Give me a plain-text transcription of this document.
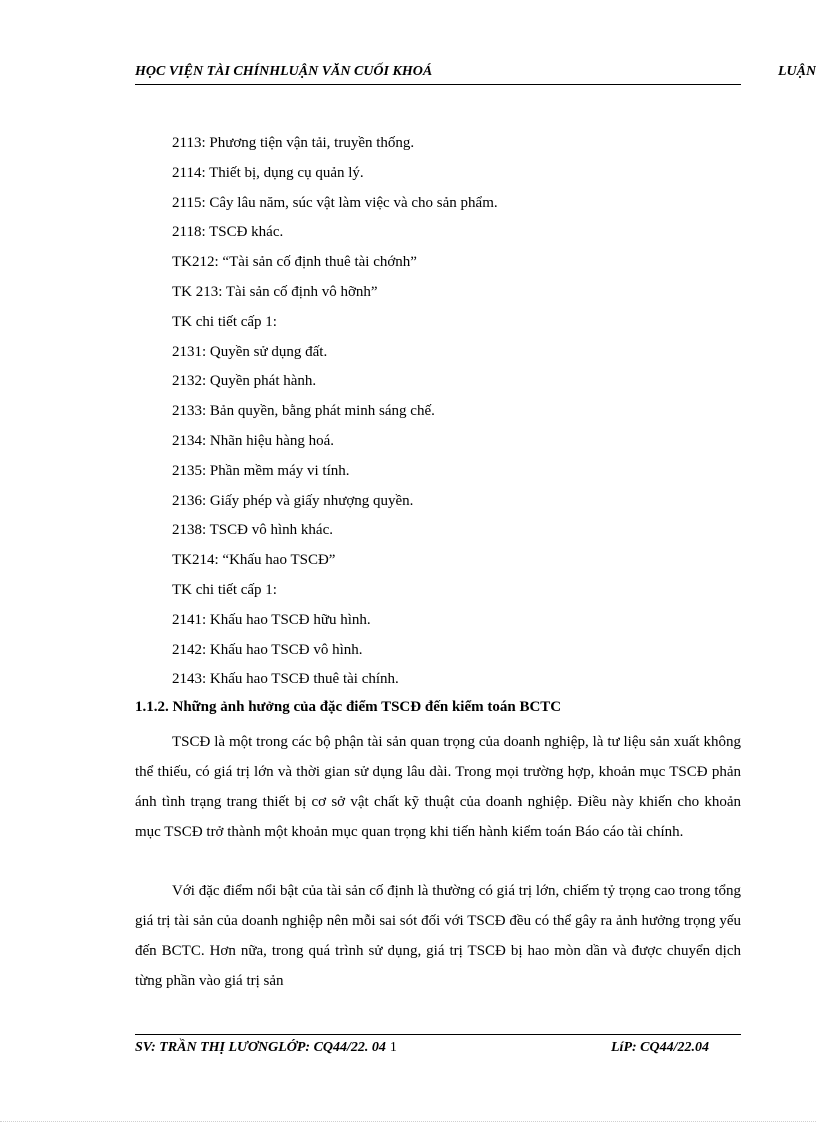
HỌC VIỆN TÀI CHÍNHLUẬN VĂN CUỐI KHOÁ	LUẬN
2113: Phương tiện vận tải, truyền thống.
2114: Thiết bị, dụng cụ quản lý.
2115: Cây lâu năm, súc vật làm việc và cho sản phẩm.
2118: TSCĐ khác.
TK212: “Tài sản cố định thuê tài chớnh”
TK 213: Tài sản cố định vô hỡnh”
TK chi tiết cấp 1:
2131: Quyền sử dụng đất.
2132: Quyền phát hành.
2133: Bản quyền, bằng phát minh sáng chế.
2134: Nhãn hiệu hàng hoá.
2135: Phần mềm máy vi tính.
2136: Giấy phép và giấy nhượng quyền.
2138: TSCĐ vô hình khác.
TK214: “Khấu hao TSCĐ”
TK chi tiết cấp 1:
2141: Khấu hao TSCĐ hữu hình.
2142: Khấu hao TSCĐ vô hình.
2143: Khấu hao TSCĐ thuê tài chính.
1.1.2. Những ảnh hưởng của đặc điểm TSCĐ đến kiểm toán BCTC

TSCĐ là một trong các bộ phận tài sản quan trọng của doanh nghiệp, là tư liệu sản xuất không thể thiếu, có giá trị lớn và thời gian sử dụng lâu dài. Trong mọi trường hợp, khoản mục TSCĐ phản ánh tình trạng trang thiết bị cơ sở vật chất kỹ thuật của doanh nghiệp. Điều này khiến cho khoản mục TSCĐ trở thành một khoản mục quan trọng khi tiến hành kiểm toán Báo cáo tài chính.

Với đặc điểm nổi bật của tài sản cố định là thường có giá trị lớn, chiếm tỷ trọng cao trong tổng giá trị tài sản của doanh nghiệp nên mỗi sai sót đối với TSCĐ đều có thể gây ra ảnh hưởng trọng yếu đến BCTC. Hơn nữa, trong quá trình sử dụng, giá trị TSCĐ bị hao mòn dần và được chuyển dịch từng phần vào giá trị sản

SV: TRẦN THỊ LƯƠNGLỚP: CQ44/22. 04 1	LíP: CQ44/22.04
